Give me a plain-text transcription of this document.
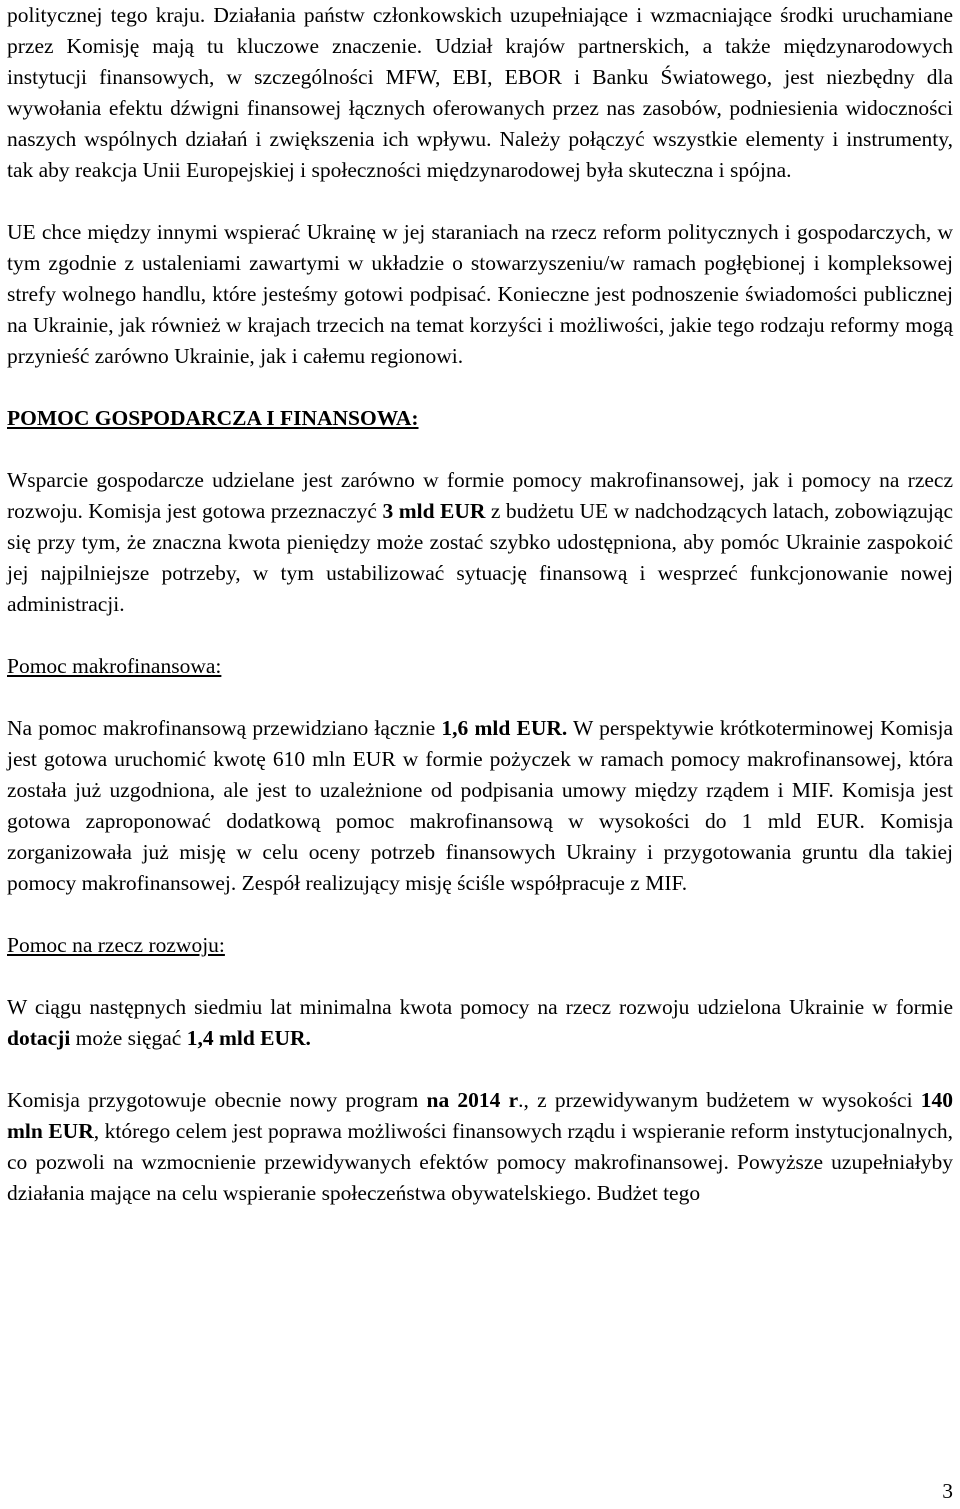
politycznej tego kraju. Działania państw członkowskich uzupełniające i wzmacniające środki uruchamiane przez Komisję mają tu kluczowe znaczenie. Udział krajów partnerskich, a także międzynarodowych instytucji finansowych, w szczególności MFW, EBI, EBOR i Banku Światowego, jest niezbędny dla wywołania efektu dźwigni finansowej łącznych oferowanych przez nas zasobów, podniesienia widoczności naszych wspólnych działań i zwiększenia ich wpływu. Należy połączyć wszystkie elementy i instrumenty, tak aby reakcja Unii Europejskiej i społeczności międzynarodowej była skuteczna i spójna.

UE chce między innymi wspierać Ukrainę w jej staraniach na rzecz reform politycznych i gospodarczych, w tym zgodnie z ustaleniami zawartymi w układzie o stowarzyszeniu/w ramach pogłębionej i kompleksowej strefy wolnego handlu, które jesteśmy gotowi podpisać. Konieczne jest podnoszenie świadomości publicznej na Ukrainie, jak również w krajach trzecich na temat korzyści i możliwości, jakie tego rodzaju reformy mogą przynieść zarówno Ukrainie, jak i całemu regionowi.

POMOC GOSPODARCZA I FINANSOWA:

Wsparcie gospodarcze udzielane jest zarówno w formie pomocy makrofinansowej, jak i pomocy na rzecz rozwoju. Komisja jest gotowa przeznaczyć 3 mld EUR z budżetu UE w nadchodzących latach, zobowiązując się przy tym, że znaczna kwota pieniędzy może zostać szybko udostępniona, aby pomóc Ukrainie zaspokoić jej najpilniejsze potrzeby, w tym ustabilizować sytuację finansową i wesprzeć funkcjonowanie nowej administracji.

Pomoc makrofinansowa:

Na pomoc makrofinansową przewidziano łącznie 1,6 mld EUR. W perspektywie krótkoterminowej Komisja jest gotowa uruchomić kwotę 610 mln EUR w formie pożyczek w ramach pomocy makrofinansowej, która została już uzgodniona, ale jest to uzależnione od podpisania umowy między rządem i MIF. Komisja jest gotowa zaproponować dodatkową pomoc makrofinansową w wysokości do 1 mld EUR. Komisja zorganizowała już misję w celu oceny potrzeb finansowych Ukrainy i przygotowania gruntu dla takiej pomocy makrofinansowej. Zespół realizujący misję ściśle współpracuje z MIF.

Pomoc na rzecz rozwoju:

W ciągu następnych siedmiu lat minimalna kwota pomocy na rzecz rozwoju udzielona Ukrainie w formie dotacji może sięgać 1,4 mld EUR.

Komisja przygotowuje obecnie nowy program na 2014 r., z przewidywanym budżetem w wysokości 140 mln EUR, którego celem jest poprawa możliwości finansowych rządu i wspieranie reform instytucjonalnych, co pozwoli na wzmocnienie przewidywanych efektów pomocy makrofinansowej. Powyższe uzupełniałyby działania mające na celu wspieranie społeczeństwa obywatelskiego. Budżet tego

3
